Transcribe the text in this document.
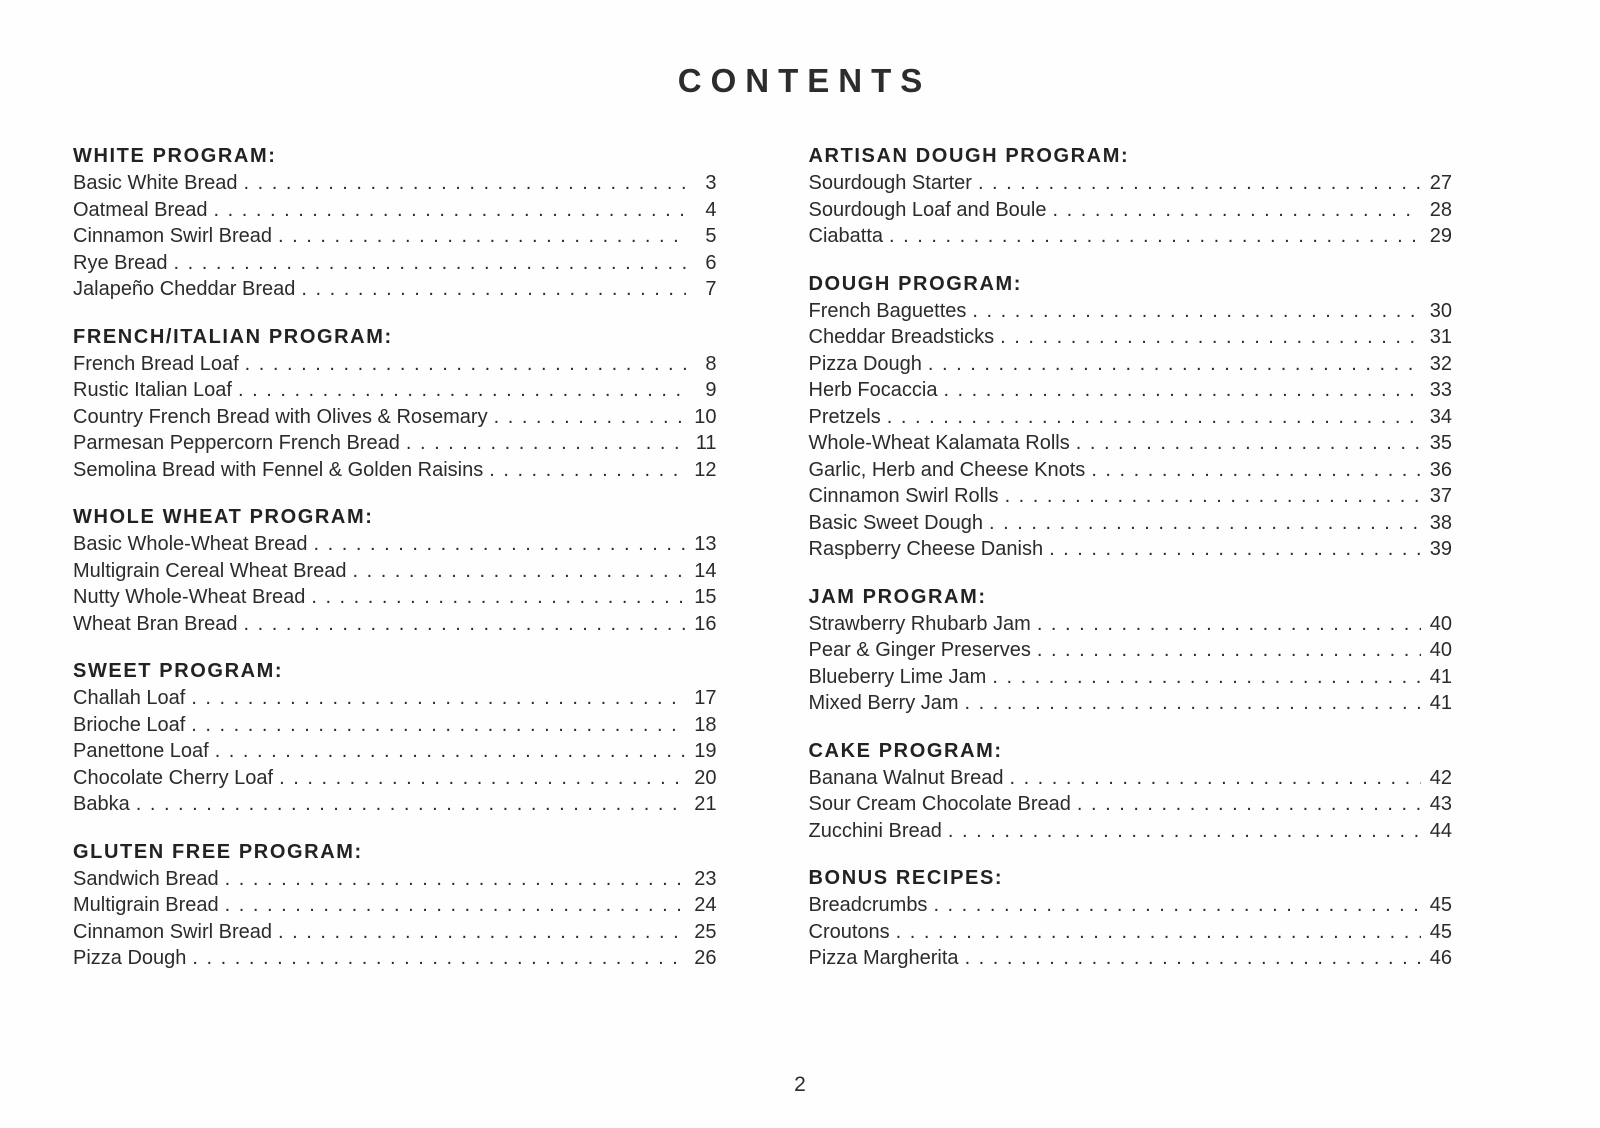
CONTENTS
WHITE PROGRAM:
Basic White Bread . . .	3
Oatmeal Bread . . .	4
Cinnamon Swirl Bread . . .	5
Rye Bread . . .	6
Jalapeño Cheddar Bread . . .	7
FRENCH/ITALIAN PROGRAM:
French Bread Loaf . . .	8
Rustic Italian Loaf . . .	9
Country French Bread with Olives & Rosemary . . .	10
Parmesan Peppercorn French Bread . . .	11
Semolina Bread with Fennel & Golden Raisins . . .	12
WHOLE WHEAT PROGRAM:
Basic Whole-Wheat Bread . . .	13
Multigrain Cereal Wheat Bread . . .	14
Nutty Whole-Wheat Bread . . .	15
Wheat Bran Bread . . .	16
SWEET PROGRAM:
Challah Loaf . . .	17
Brioche Loaf . . .	18
Panettone Loaf . . .	19
Chocolate Cherry Loaf . . .	20
Babka . . .	21
GLUTEN FREE PROGRAM:
Sandwich Bread . . .	23
Multigrain Bread . . .	24
Cinnamon Swirl Bread . . .	25
Pizza Dough . . .	26
ARTISAN DOUGH PROGRAM:
Sourdough Starter . . .	27
Sourdough Loaf and Boule . . .	28
Ciabatta . . .	29
DOUGH PROGRAM:
French Baguettes . . .	30
Cheddar Breadsticks . . .	31
Pizza Dough . . .	32
Herb Focaccia . . .	33
Pretzels . . .	34
Whole-Wheat Kalamata Rolls . . .	35
Garlic, Herb and Cheese Knots . . .	36
Cinnamon Swirl Rolls . . .	37
Basic Sweet Dough . . .	38
Raspberry Cheese Danish . . .	39
JAM PROGRAM:
Strawberry Rhubarb Jam . . .	40
Pear & Ginger Preserves . . .	40
Blueberry Lime Jam . . .	41
Mixed Berry Jam . . .	41
CAKE PROGRAM:
Banana Walnut Bread . . .	42
Sour Cream Chocolate Bread . . .	43
Zucchini Bread . . .	44
BONUS RECIPES:
Breadcrumbs . . .	45
Croutons . . .	45
Pizza Margherita . . .	46
2
